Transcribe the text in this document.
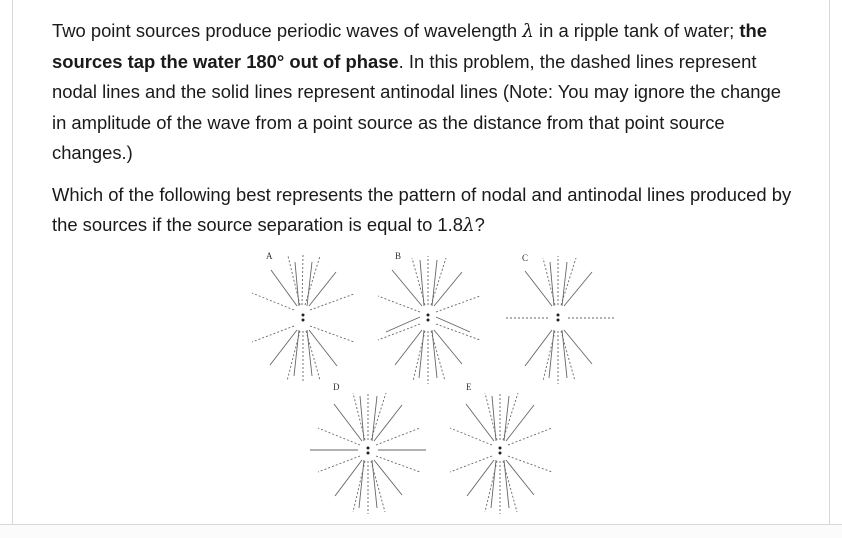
Two point sources produce periodic waves of wavelength λ in a ripple tank of water; the sources tap the water 180° out of phase. In this problem, the dashed lines represent nodal lines and the solid lines represent antinodal lines (Note: You may ignore the change in amplitude of the wave from a point source as the distance from that point source changes.)

Which of the following best represents the pattern of nodal and antinodal lines produced by the sources if the source separation is equal to 1.8λ?

A	B	C
D	E
